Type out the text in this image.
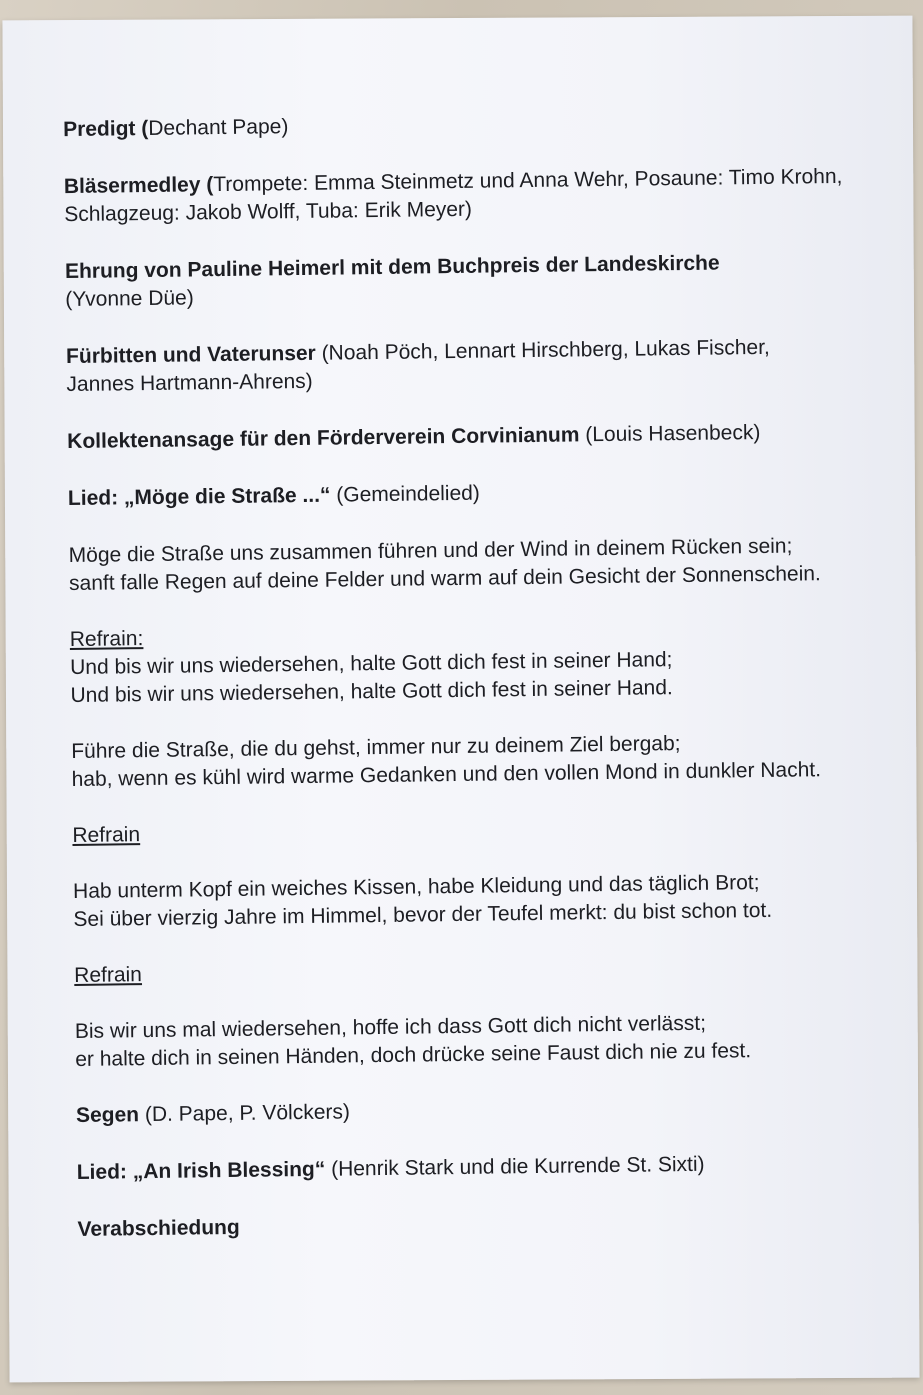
Predigt (Dechant Pape)
Bläsermedley (Trompete: Emma Steinmetz und Anna Wehr, Posaune: Timo Krohn,
Schlagzeug: Jakob Wolff, Tuba: Erik Meyer)
Ehrung von Pauline Heimerl mit dem Buchpreis der Landeskirche
(Yvonne Düe)
Fürbitten und Vaterunser (Noah Pöch, Lennart Hirschberg, Lukas Fischer,
Jannes Hartmann-Ahrens)
Kollektenansage für den Förderverein Corvinianum (Louis Hasenbeck)
Lied: „Möge die Straße ...“ (Gemeindelied)
Möge die Straße uns zusammen führen und der Wind in deinem Rücken sein;
sanft falle Regen auf deine Felder und warm auf dein Gesicht der Sonnenschein.
Refrain:
Und bis wir uns wiedersehen, halte Gott dich fest in seiner Hand;
Und bis wir uns wiedersehen, halte Gott dich fest in seiner Hand.
Führe die Straße, die du gehst, immer nur zu deinem Ziel bergab;
hab, wenn es kühl wird warme Gedanken und den vollen Mond in dunkler Nacht.
Refrain
Hab unterm Kopf ein weiches Kissen, habe Kleidung und das täglich Brot;
Sei über vierzig Jahre im Himmel, bevor der Teufel merkt: du bist schon tot.
Refrain
Bis wir uns mal wiedersehen, hoffe ich dass Gott dich nicht verlässt;
er halte dich in seinen Händen, doch drücke seine Faust dich nie zu fest.
Segen (D. Pape, P. Völckers)
Lied: „An Irish Blessing“ (Henrik Stark und die Kurrende St. Sixti)
Verabschiedung
